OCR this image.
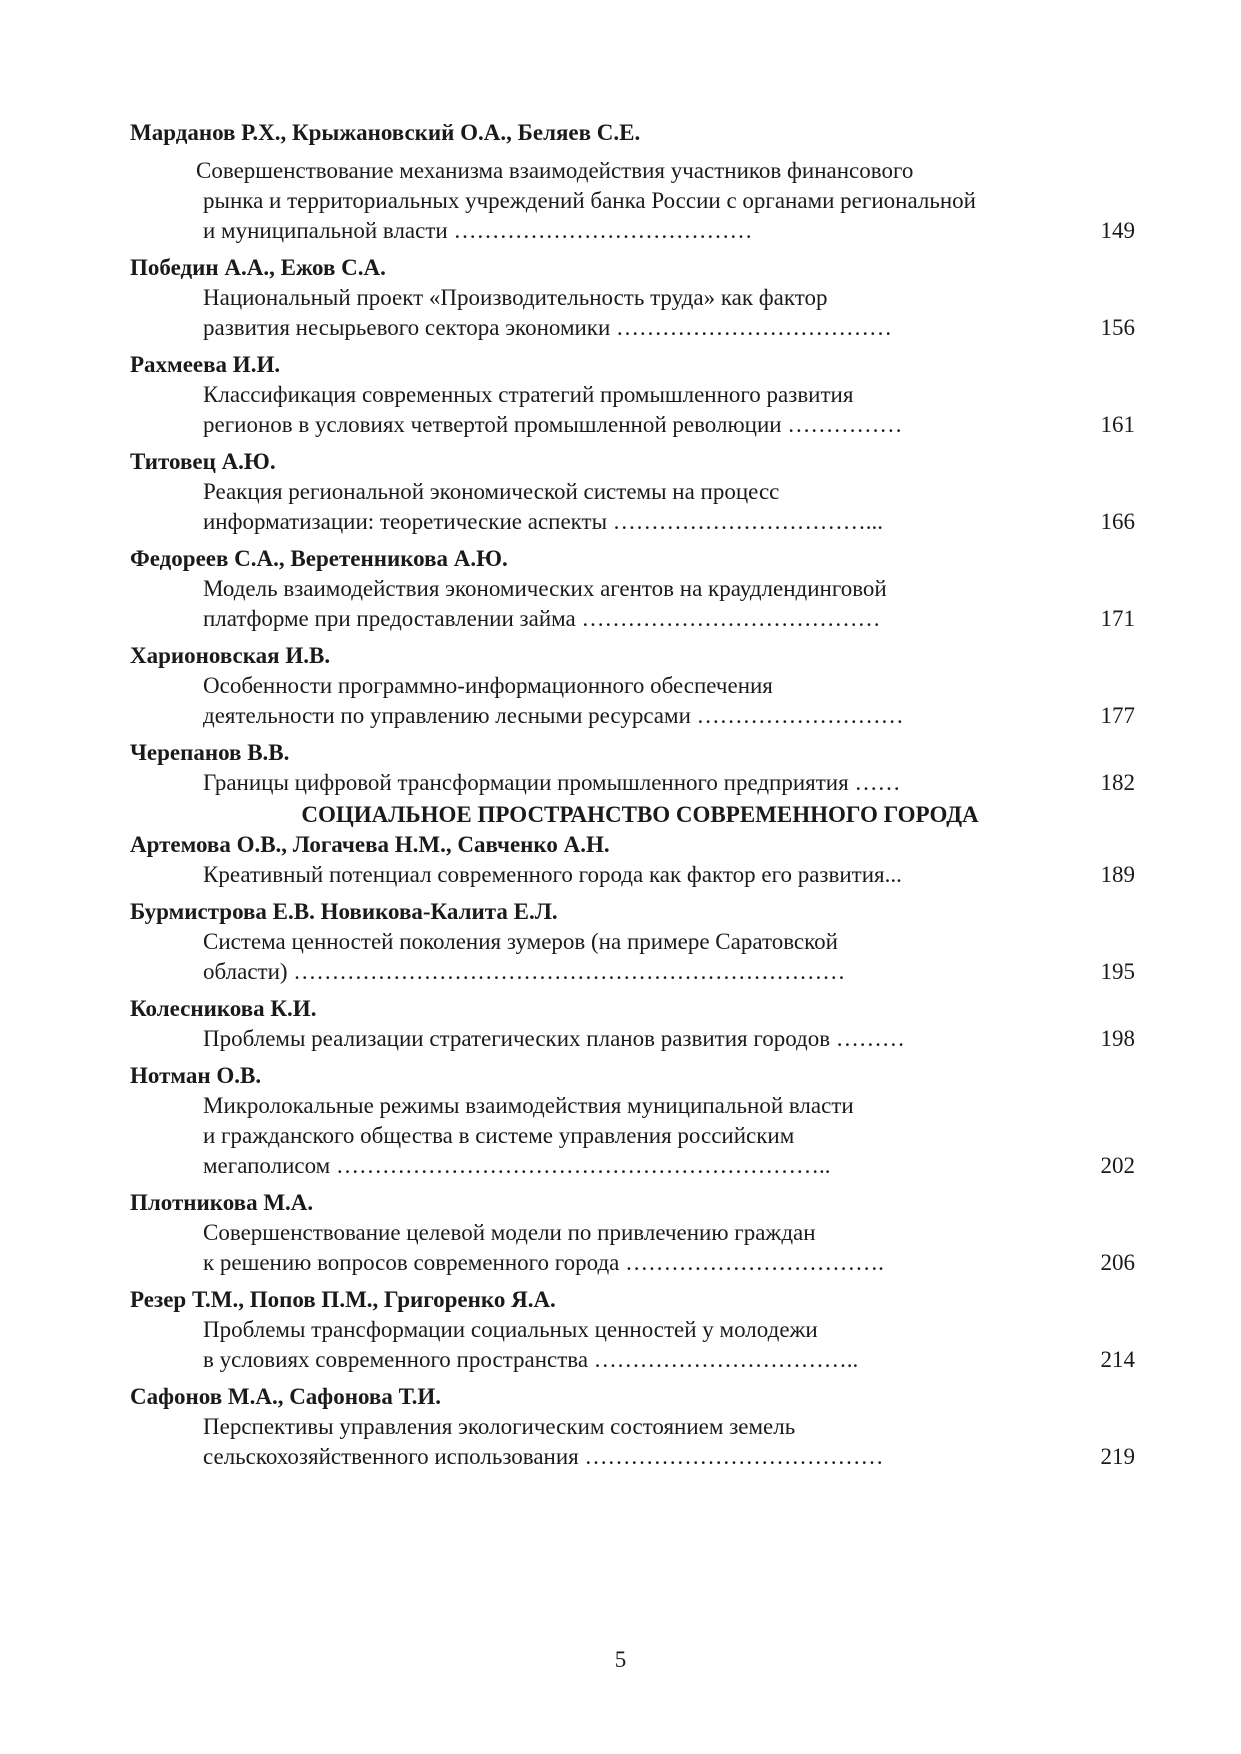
Марданов Р.Х., Крыжановский О.А., Беляев С.Е.
Совершенствование механизма взаимодействия участников финансового
рынка и территориальных учреждений банка России с органами региональной
и муниципальной власти …………………………………	149
Победин А.А., Ежов С.А.
Национальный проект «Производительность труда» как фактор
развития несырьевого сектора экономики ………………………………	156
Рахмеева И.И.
Классификация современных стратегий промышленного развития
регионов в условиях четвертой промышленной революции ……………	161
Титовец А.Ю.
Реакция региональной экономической системы на процесс
информатизации: теоретические аспекты ……………………………...	166
Федореев С.А., Веретенникова А.Ю.
Модель взаимодействия экономических агентов на краудлендинговой
платформе при предоставлении займа …………………………………	171
Харионовская И.В.
Особенности программно-информационного обеспечения
деятельности по управлению лесными ресурсами ………………………	177
Черепанов В.В.
Границы цифровой трансформации промышленного предприятия ……	182
СОЦИАЛЬНОЕ ПРОСТРАНСТВО СОВРЕМЕННОГО ГОРОДА
Артемова О.В., Логачева Н.М., Савченко А.Н.
Креативный потенциал современного города как фактор его развития...	189
Бурмистрова Е.В. Новикова-Калита Е.Л.
Система ценностей поколения зумеров (на примере Саратовской
области) ………………………………………………………………	195
Колесникова К.И.
Проблемы реализации стратегических планов развития городов ………	198
Нотман О.В.
Микролокальные режимы взаимодействия муниципальной власти
и гражданского общества в системе управления российским
мегаполисом ………………………………………………………..	202
Плотникова М.А.
Совершенствование целевой модели по привлечению граждан
к решению вопросов современного города …………………………….	206
Резер Т.М., Попов П.М., Григоренко Я.А.
Проблемы трансформации социальных ценностей у молодежи
в условиях современного пространства ……………………………..	214
Сафонов М.А., Сафонова Т.И.
Перспективы управления экологическим состоянием земель
сельскохозяйственного использования …………………………………	219
5
